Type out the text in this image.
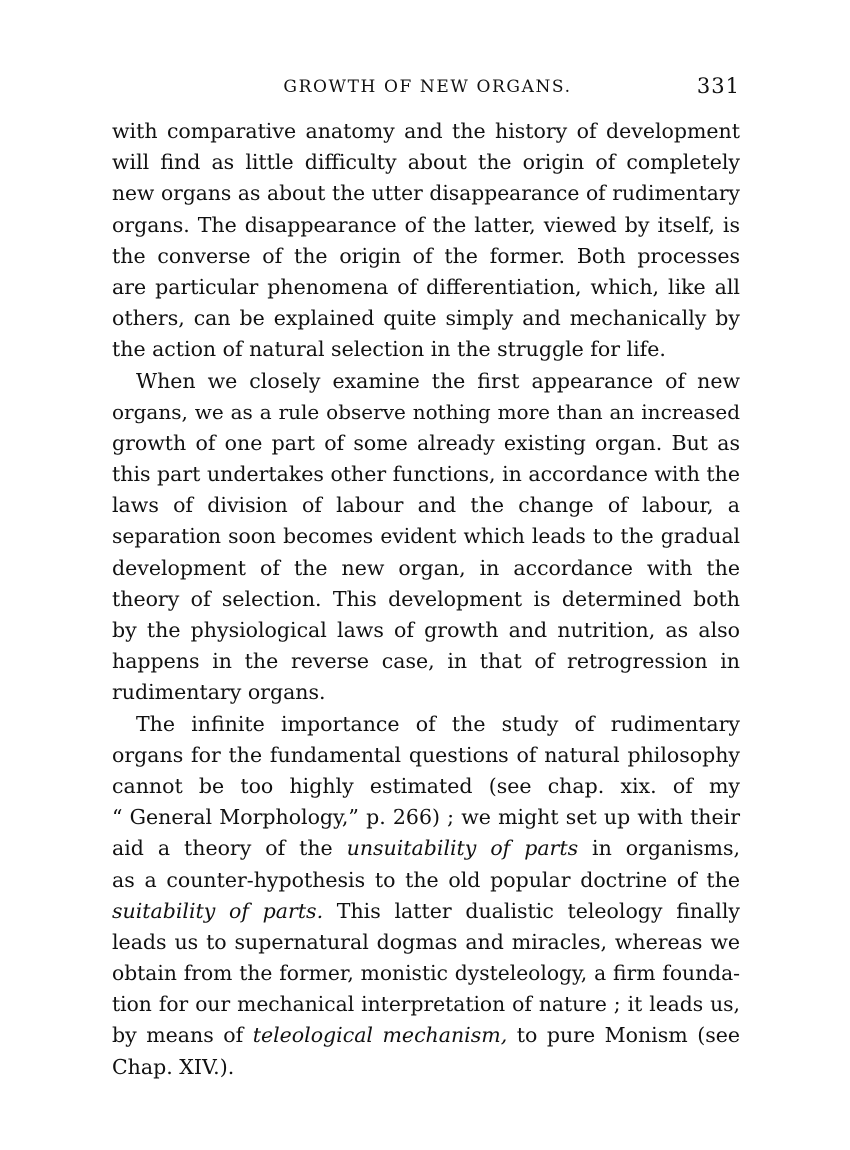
GROWTH OF NEW ORGANS.	331
with comparative anatomy and the history of development
will find as little difficulty about the origin of completely
new organs as about the utter disappearance of rudimentary
organs. The disappearance of the latter, viewed by itself, is
the converse of the origin of the former. Both processes
are particular phenomena of differentiation, which, like all
others, can be explained quite simply and mechanically by
the action of natural selection in the struggle for life.
When we closely examine the first appearance of new
organs, we as a rule observe nothing more than an increased
growth of one part of some already existing organ. But as
this part undertakes other functions, in accordance with the
laws of division of labour and the change of labour, a
separation soon becomes evident which leads to the gradual
development of the new organ, in accordance with the
theory of selection. This development is determined both
by the physiological laws of growth and nutrition, as also
happens in the reverse case, in that of retrogression in
rudimentary organs.
The infinite importance of the study of rudimentary
organs for the fundamental questions of natural philosophy
cannot be too highly estimated (see chap. xix. of my
“ General Morphology,” p. 266) ; we might set up with their
aid a theory of the unsuitability of parts in organisms,
as a counter-hypothesis to the old popular doctrine of the
suitability of parts. This latter dualistic teleology finally
leads us to supernatural dogmas and miracles, whereas we
obtain from the former, monistic dysteleology, a firm founda-
tion for our mechanical interpretation of nature ; it leads us,
by means of teleological mechanism, to pure Monism (see
Chap. XIV.).
